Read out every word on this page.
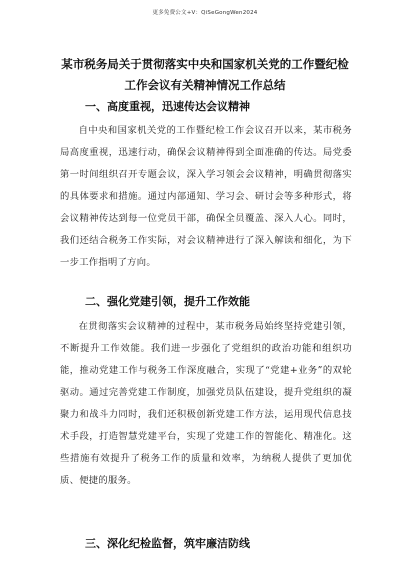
更多免费公文+V：QiSeGongWen2024
某市税务局关于贯彻落实中央和国家机关党的工作暨纪检
工作会议有关精神情况工作总结
一、高度重视，迅速传达会议精神

自中央和国家机关党的工作暨纪检工作会议召开以来，某市税务局高度重视，迅速行动，确保会议精神得到全面准确的传达。局党委第一时间组织召开专题会议，深入学习领会会议精神，明确贯彻落实的具体要求和措施。通过内部通知、学习会、研讨会等多种形式，将会议精神传达到每一位党员干部，确保全员覆盖、深入人心。同时，我们还结合税务工作实际，对会议精神进行了深入解读和细化，为下一步工作指明了方向。

二、强化党建引领，提升工作效能

在贯彻落实会议精神的过程中，某市税务局始终坚持党建引领，不断提升工作效能。我们进一步强化了党组织的政治功能和组织功能，推动党建工作与税务工作深度融合，实现了“党建+业务”的双轮驱动。通过完善党建工作制度，加强党员队伍建设，提升党组织的凝聚力和战斗力同时，我们还积极创新党建工作方法，运用现代信息技术手段，打造智慧党建平台，实现了党建工作的智能化、精准化。这些措施有效提升了税务工作的质量和效率，为纳税人提供了更加优质、便捷的服务。

三、深化纪检监督，筑牢廉洁防线
